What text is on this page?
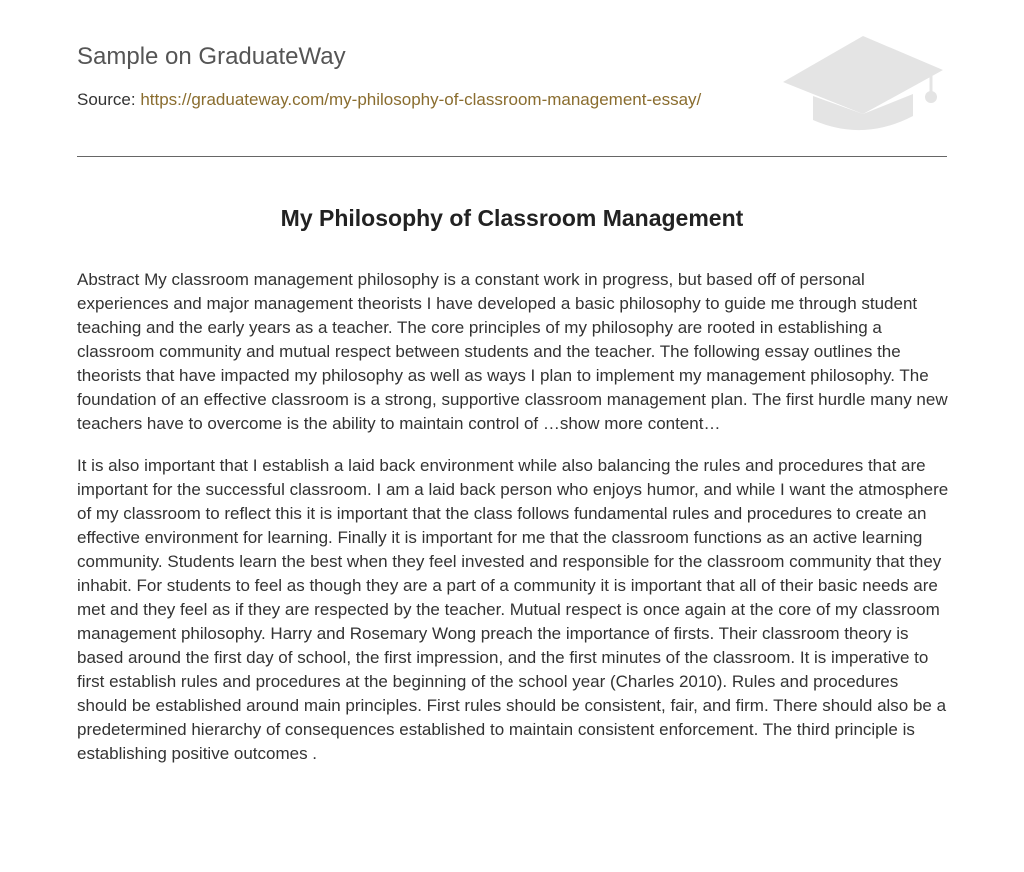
Sample on GraduateWay
Source: https://graduateway.com/my-philosophy-of-classroom-management-essay/
My Philosophy of Classroom Management

Abstract My classroom management philosophy is a constant work in progress, but based off of personal experiences and major management theorists I have developed a basic philosophy to guide me through student teaching and the early years as a teacher. The core principles of my philosophy are rooted in establishing a classroom community and mutual respect between students and the teacher. The following essay outlines the theorists that have impacted my philosophy as well as ways I plan to implement my management philosophy. The foundation of an effective classroom is a strong, supportive classroom management plan. The first hurdle many new teachers have to overcome is the ability to maintain control of …show more content…

It is also important that I establish a laid back environment while also balancing the rules and procedures that are important for the successful classroom. I am a laid back person who enjoys humor, and while I want the atmosphere of my classroom to reflect this it is important that the class follows fundamental rules and procedures to create an effective environment for learning. Finally it is important for me that the classroom functions as an active learning community. Students learn the best when they feel invested and responsible for the classroom community that they inhabit. For students to feel as though they are a part of a community it is important that all of their basic needs are met and they feel as if they are respected by the teacher. Mutual respect is once again at the core of my classroom management philosophy. Harry and Rosemary Wong preach the importance of firsts. Their classroom theory is based around the first day of school, the first impression, and the first minutes of the classroom. It is imperative to first establish rules and procedures at the beginning of the school year (Charles 2010). Rules and procedures should be established around main principles. First rules should be consistent, fair, and firm. There should also be a predetermined hierarchy of consequences established to maintain consistent enforcement. The third principle is establishing positive outcomes .
